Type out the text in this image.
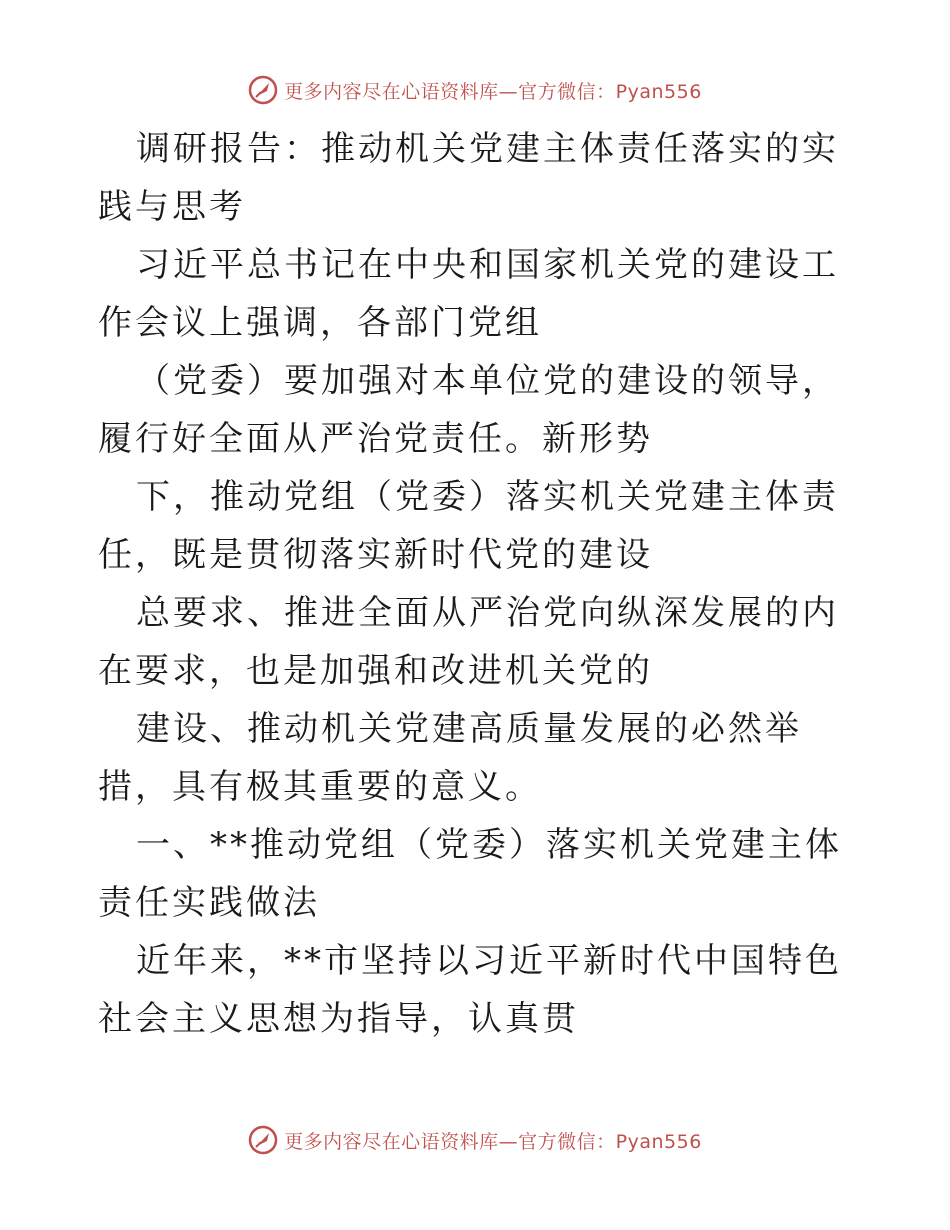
更多内容尽在心语资料库—官方微信：Pyan556

调研报告：推动机关党建主体责任落实的实践与思考

习近平总书记在中央和国家机关党的建设工作会议上强调，各部门党组

（党委）要加强对本单位党的建设的领导，履行好全面从严治党责任。新形势

下，推动党组（党委）落实机关党建主体责任，既是贯彻落实新时代党的建设

总要求、推进全面从严治党向纵深发展的内在要求，也是加强和改进机关党的

建设、推动机关党建高质量发展的必然举措，具有极其重要的意义。

一、**推动党组（党委）落实机关党建主体责任实践做法

近年来，**市坚持以习近平新时代中国特色社会主义思想为指导，认真贯

更多内容尽在心语资料库—官方微信：Pyan556
